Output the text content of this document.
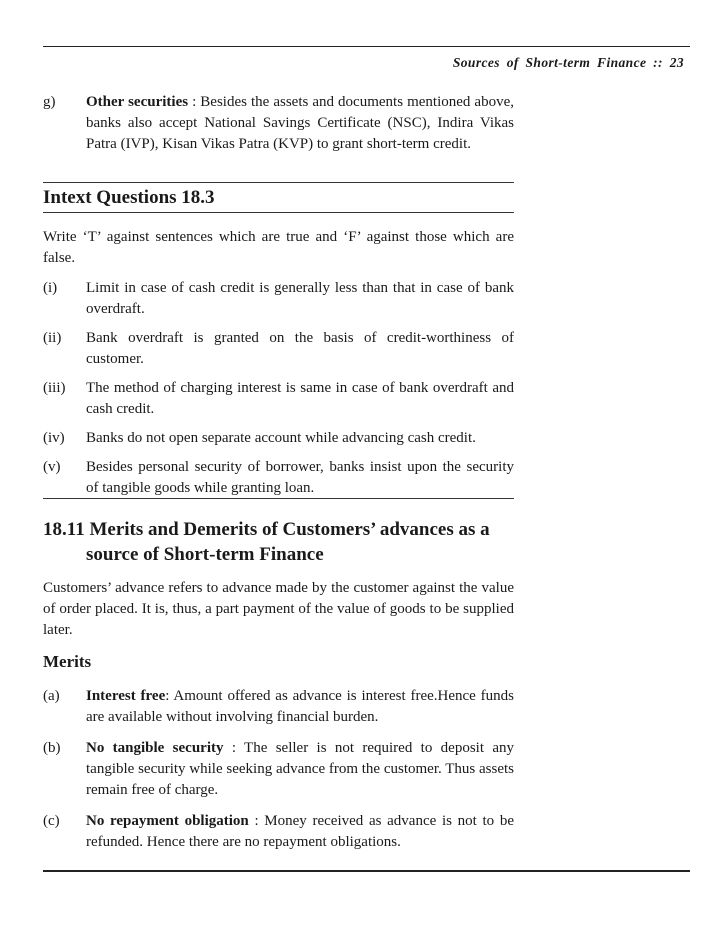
Sources of Short-term Finance :: 23
g)	Other securities : Besides the assets and documents mentioned above, banks also accept National Savings Certificate (NSC), Indira Vikas Patra (IVP), Kisan Vikas Patra (KVP) to grant short-term credit.
Intext Questions 18.3
Write ‘T’ against sentences which are true and ‘F’ against those which are false.
(i)	Limit in case of cash credit is generally less than that in case of bank overdraft.
(ii)	Bank overdraft is granted on the basis of credit-worthiness of customer.
(iii)	The method of charging interest is same in case of bank overdraft and cash credit.
(iv)	Banks do not open separate account while advancing cash credit.
(v)	Besides personal security of borrower, banks insist upon the security of tangible goods while granting loan.
18.11 Merits and Demerits of Customers’ advances as a
source of Short-term Finance
Customers’ advance refers to advance made by the customer against the value of order placed. It is, thus, a part payment of the value of goods to be supplied later.
Merits
(a)	Interest free: Amount offered as advance is interest free.Hence funds are available without involving financial burden.
(b)	No tangible security : The seller is not required to deposit any tangible security while seeking advance from the customer. Thus assets remain free of charge.
(c)	No repayment obligation : Money received as advance is not to be refunded. Hence there are no repayment obligations.
